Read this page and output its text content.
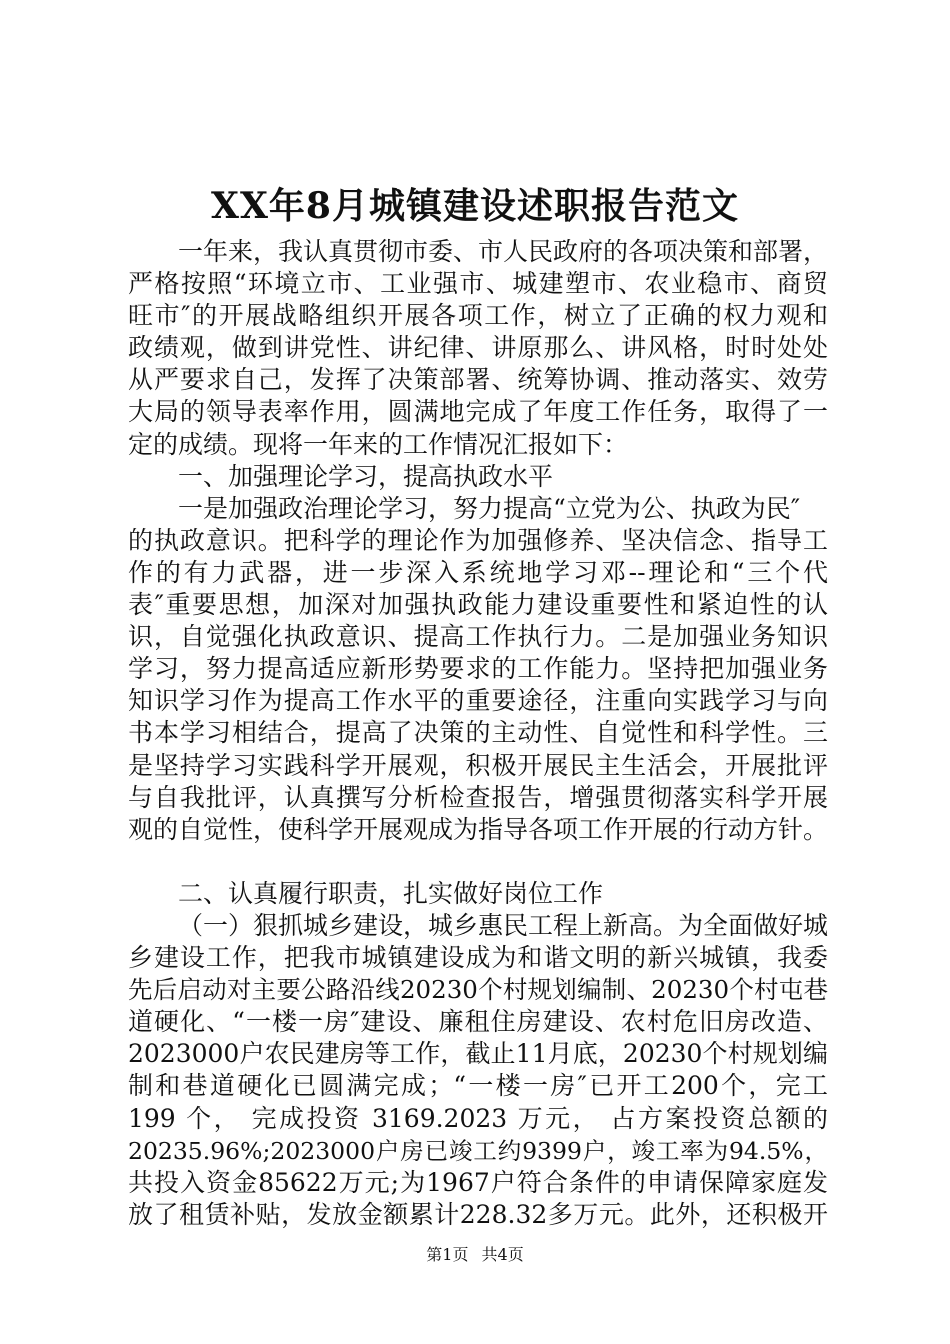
XX年8月城镇建设述职报告范文
一年来，我认真贯彻市委、市人民政府的各项决策和部署，
严格按照“环境立市、工业强市、城建塑市、农业稳市、商贸
旺市″的开展战略组织开展各项工作，树立了正确的权力观和
政绩观，做到讲党性、讲纪律、讲原那么、讲风格，时时处处
从严要求自己，发挥了决策部署、统筹协调、推动落实、效劳
大局的领导表率作用，圆满地完成了年度工作任务，取得了一
定的成绩。现将一年来的工作情况汇报如下：
一、加强理论学习，提高执政水平
一是加强政治理论学习，努力提高“立党为公、执政为民″
的执政意识。把科学的理论作为加强修养、坚决信念、指导工
作的有力武器，进一步深入系统地学习邓--理论和“三个代
表″重要思想，加深对加强执政能力建设重要性和紧迫性的认
识，自觉强化执政意识、提高工作执行力。二是加强业务知识
学习，努力提高适应新形势要求的工作能力。坚持把加强业务
知识学习作为提高工作水平的重要途径，注重向实践学习与向
书本学习相结合，提高了决策的主动性、自觉性和科学性。三
是坚持学习实践科学开展观，积极开展民主生活会，开展批评
与自我批评，认真撰写分析检查报告，增强贯彻落实科学开展
观的自觉性，使科学开展观成为指导各项工作开展的行动方针。
二、认真履行职责，扎实做好岗位工作
（一）狠抓城乡建设，城乡惠民工程上新高。为全面做好城
乡建设工作，把我市城镇建设成为和谐文明的新兴城镇，我委
先后启动对主要公路沿线20230个村规划编制、20230个村屯巷
道硬化、“一楼一房″建设、廉租住房建设、农村危旧房改造、
2023000户农民建房等工作，截止11月底，20230个村规划编
制和巷道硬化已圆满完成；“一楼一房″已开工200个，完工
199 个， 完成投资 3169.2023 万元， 占方案投资总额的
20235.96%;2023000户房已竣工约9399户，竣工率为94.5%，
共投入资金85622万元;为1967户符合条件的申请保障家庭发
放了租赁补贴，发放金额累计228.32多万元。此外，还积极开
第1页 共4页
